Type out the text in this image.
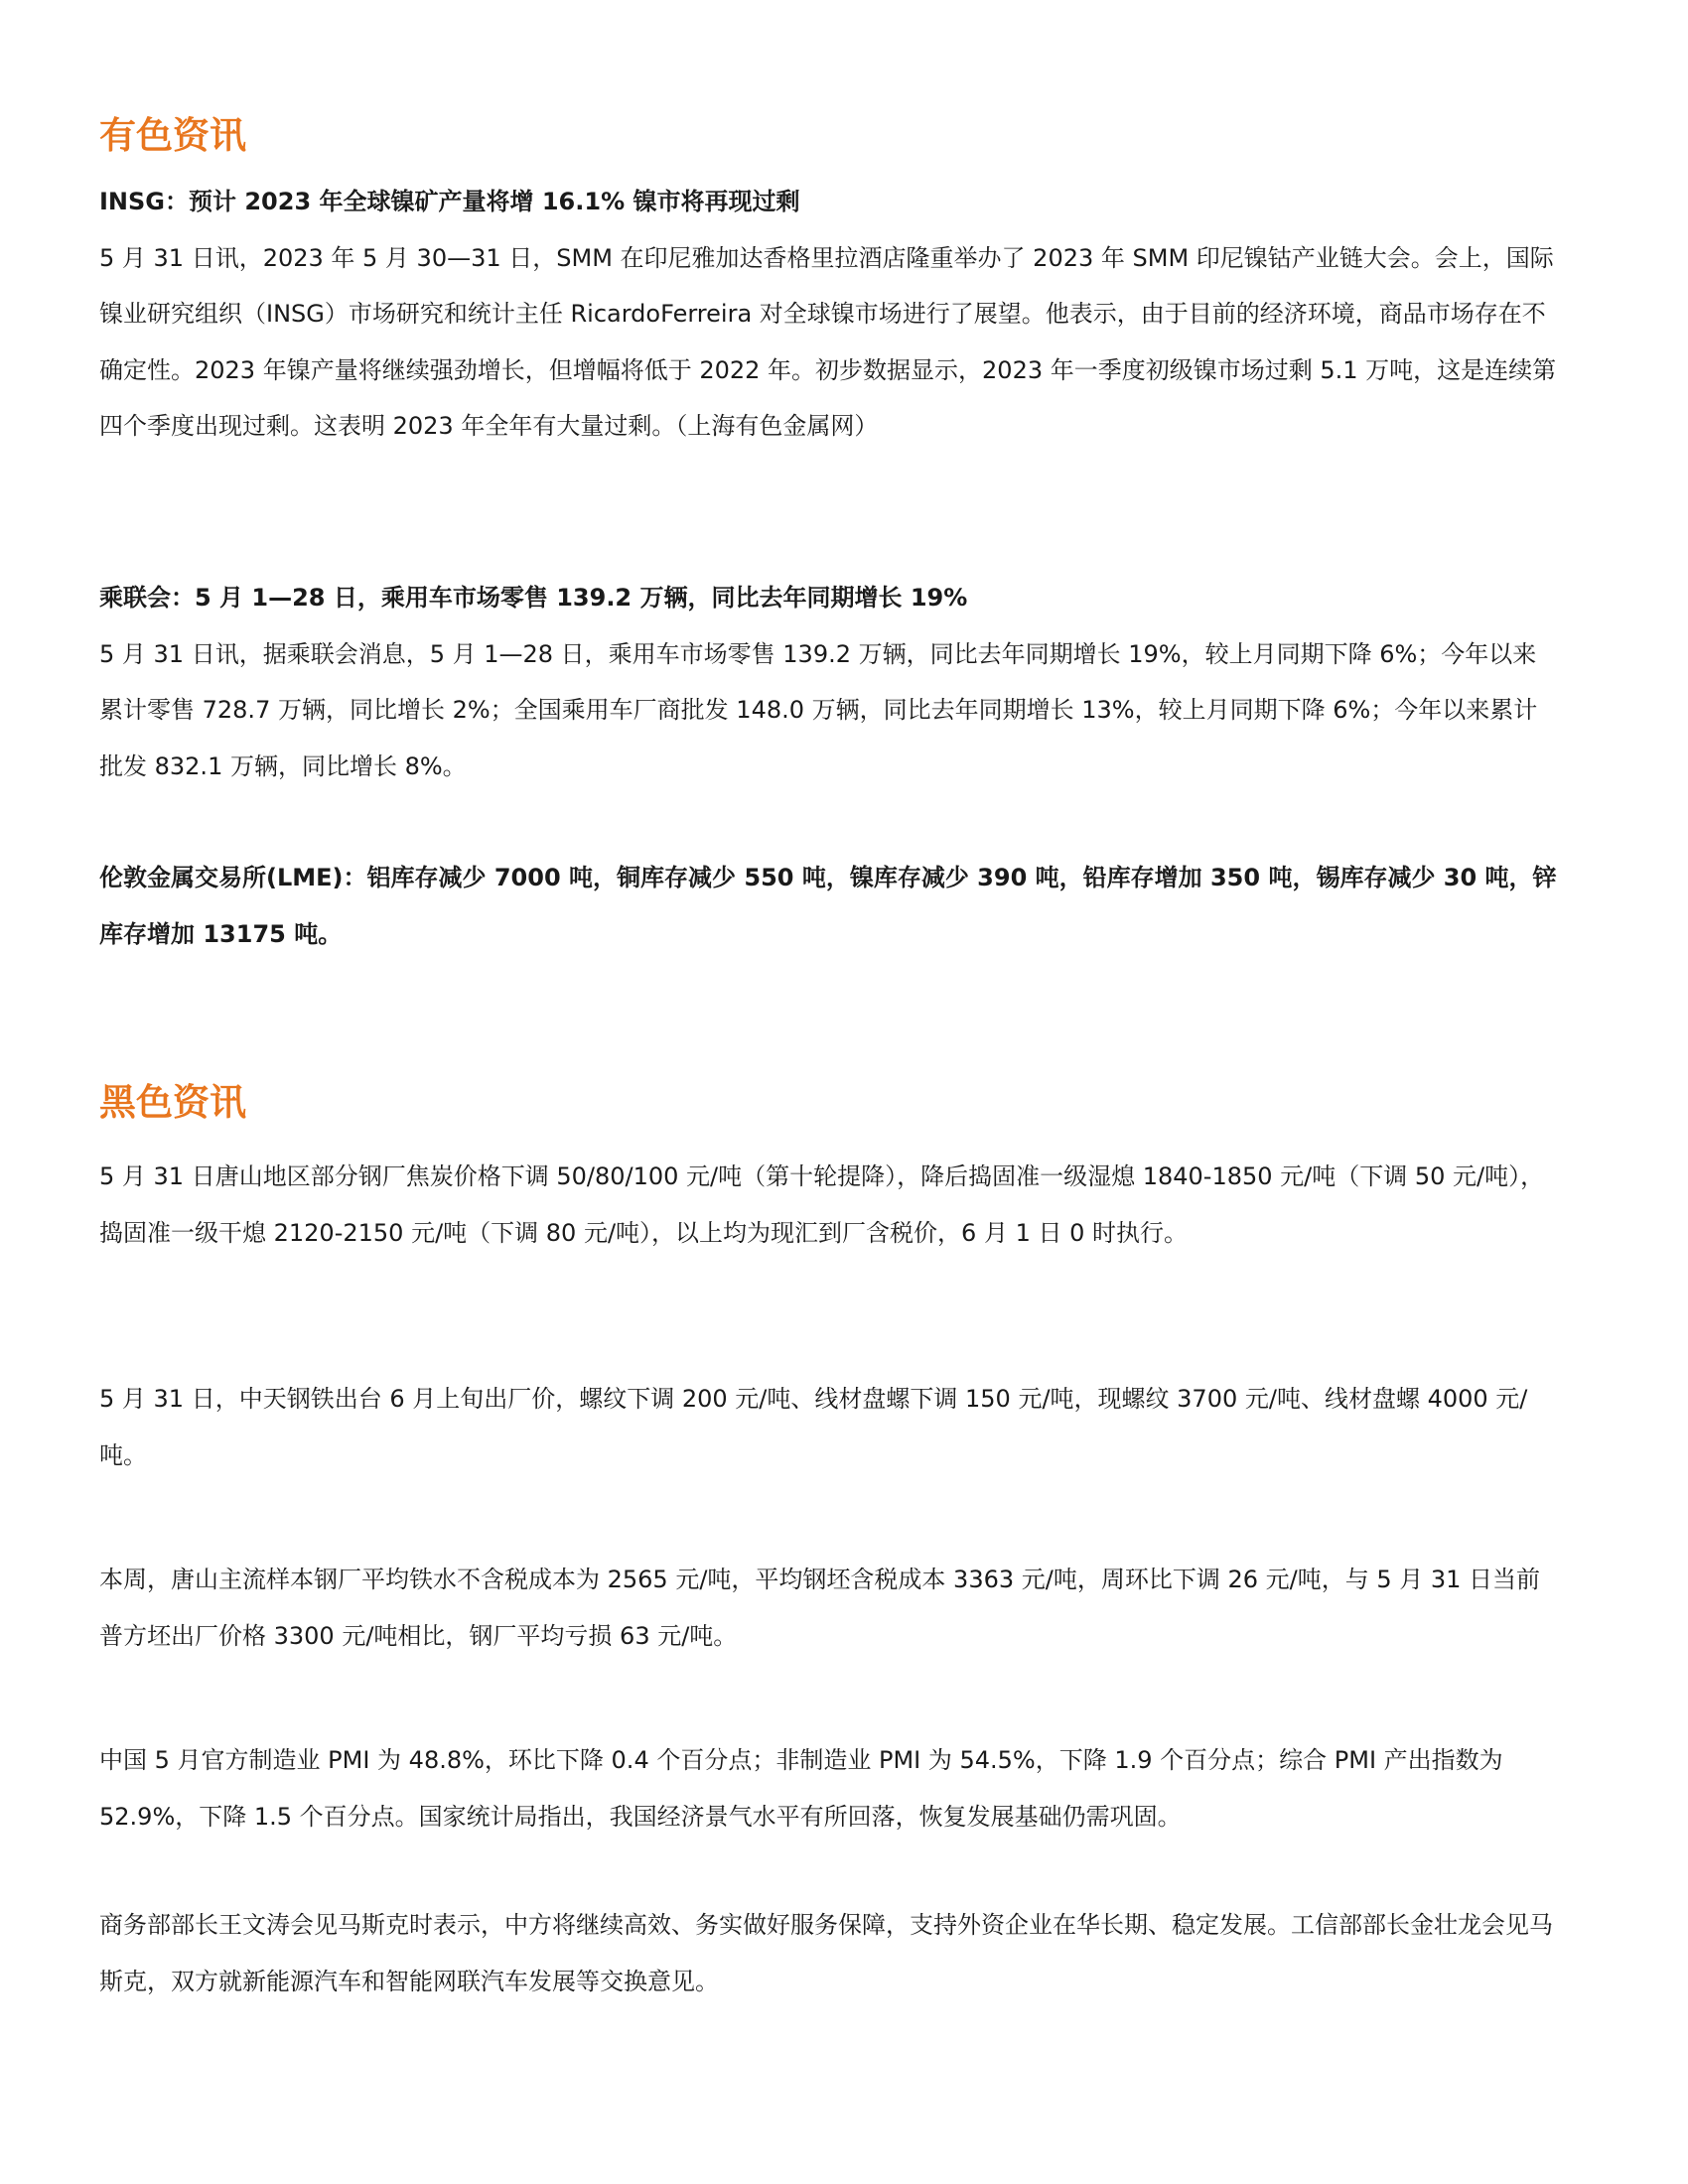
有色资讯

INSG：预计 2023 年全球镍矿产量将增 16.1% 镍市将再现过剩

5 月 31 日讯，2023 年 5 月 30—31 日，SMM 在印尼雅加达香格里拉酒店隆重举办了 2023 年 SMM 印尼镍钴产业链大会。会上，国际镍业研究组织（INSG）市场研究和统计主任 RicardoFerreira 对全球镍市场进行了展望。他表示，由于目前的经济环境，商品市场存在不确定性。2023 年镍产量将继续强劲增长，但增幅将低于 2022 年。初步数据显示，2023 年一季度初级镍市场过剩 5.1 万吨，这是连续第四个季度出现过剩。这表明 2023 年全年有大量过剩。（上海有色金属网）

乘联会：5 月 1—28 日，乘用车市场零售 139.2 万辆，同比去年同期增长 19%

5 月 31 日讯，据乘联会消息，5 月 1—28 日，乘用车市场零售 139.2 万辆，同比去年同期增长 19%，较上月同期下降 6%；今年以来累计零售 728.7 万辆，同比增长 2%；全国乘用车厂商批发 148.0 万辆，同比去年同期增长 13%，较上月同期下降 6%；今年以来累计批发 832.1 万辆，同比增长 8%。

伦敦金属交易所(LME)：铝库存减少 7000 吨，铜库存减少 550 吨，镍库存减少 390 吨，铅库存增加 350 吨，锡库存减少 30 吨，锌库存增加 13175 吨。

黑色资讯

5 月 31 日唐山地区部分钢厂焦炭价格下调 50/80/100 元/吨（第十轮提降），降后捣固准一级湿熄 1840-1850 元/吨（下调 50 元/吨），捣固准一级干熄 2120-2150 元/吨（下调 80 元/吨），以上均为现汇到厂含税价，6 月 1 日 0 时执行。

5 月 31 日，中天钢铁出台 6 月上旬出厂价，螺纹下调 200 元/吨、线材盘螺下调 150 元/吨，现螺纹 3700 元/吨、线材盘螺 4000 元/吨。

本周，唐山主流样本钢厂平均铁水不含税成本为 2565 元/吨，平均钢坯含税成本 3363 元/吨，周环比下调 26 元/吨，与 5 月 31 日当前普方坯出厂价格 3300 元/吨相比，钢厂平均亏损 63 元/吨。

中国 5 月官方制造业 PMI 为 48.8%，环比下降 0.4 个百分点；非制造业 PMI 为 54.5%，下降 1.9 个百分点；综合 PMI 产出指数为 52.9%，下降 1.5 个百分点。国家统计局指出，我国经济景气水平有所回落，恢复发展基础仍需巩固。

商务部部长王文涛会见马斯克时表示，中方将继续高效、务实做好服务保障，支持外资企业在华长期、稳定发展。工信部部长金壮龙会见马斯克，双方就新能源汽车和智能网联汽车发展等交换意见。
